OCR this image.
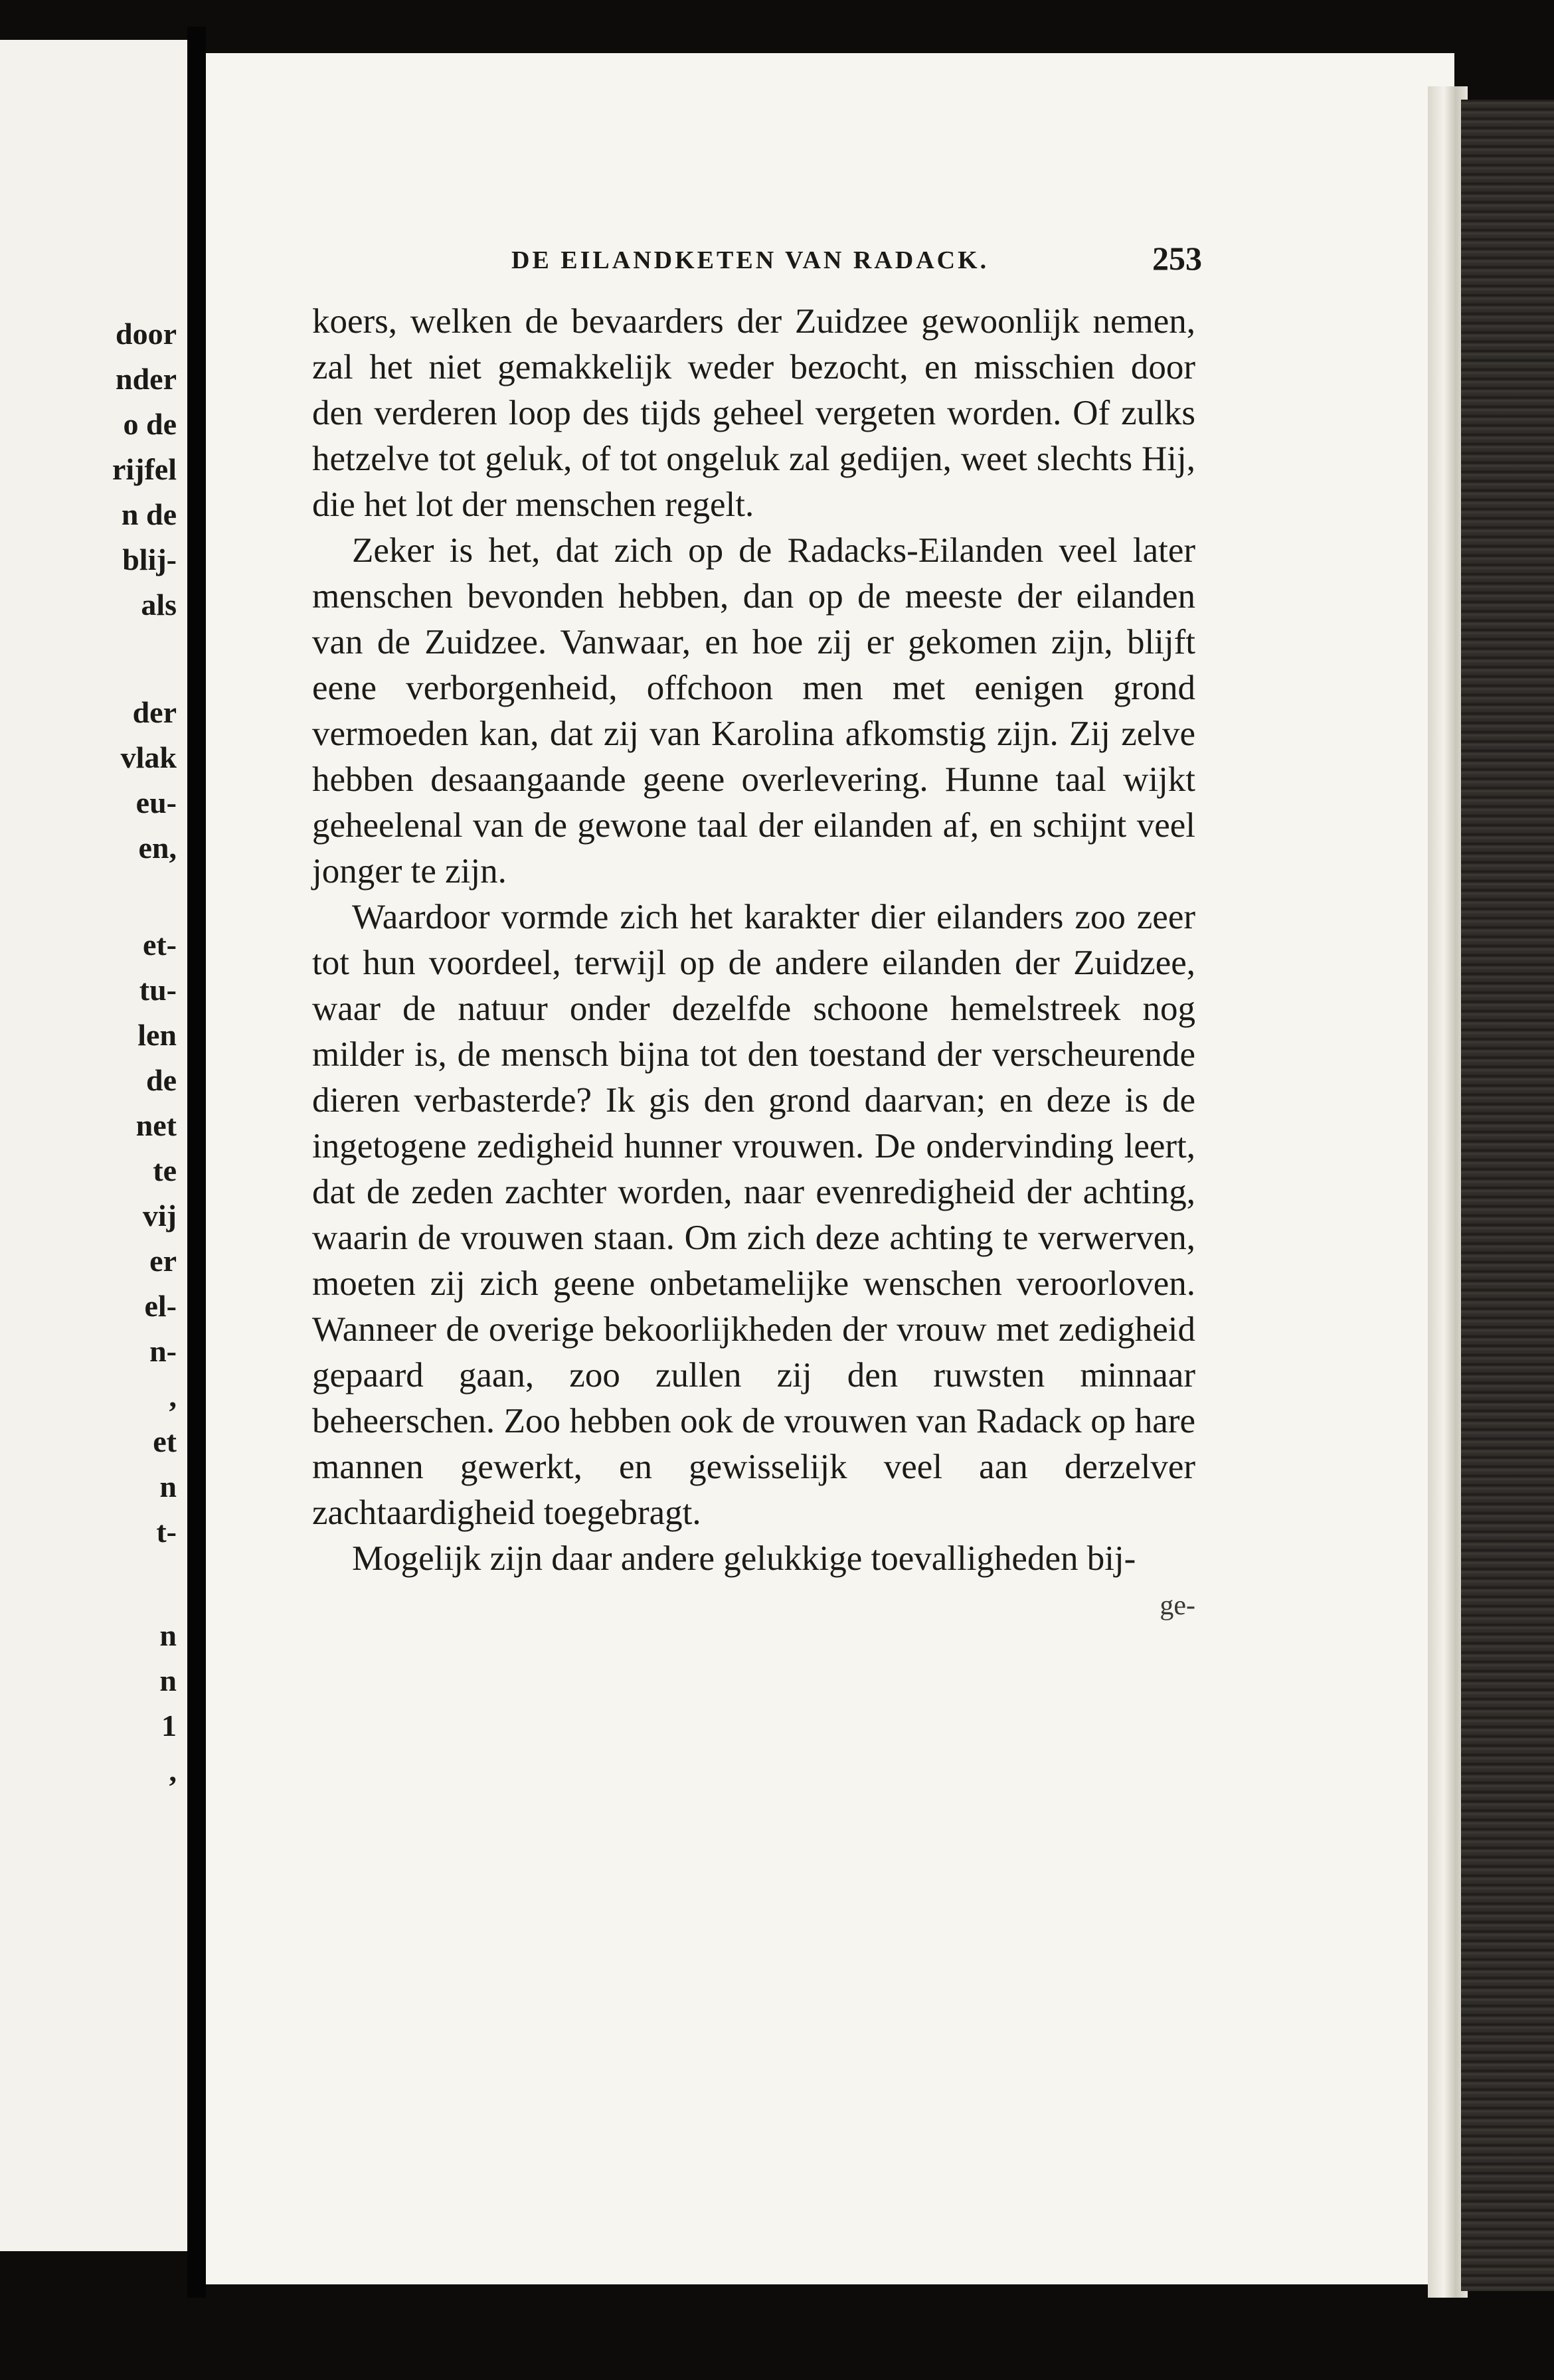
door
nder
o de
rijfel
n de
blij-
als
der
vlak
eu-
en,
et-
tu-
len
de
net
te
vij
er
el-
n-
,
et
n
t-
n
n
1
,
DE EILANDKETEN VAN RADACK.	253

koers, welken de bevaarders der Zuidzee gewoonlijk nemen, zal het niet gemakkelijk weder bezocht, en misschien door den verderen loop des tijds geheel vergeten worden. Of zulks hetzelve tot geluk, of tot ongeluk zal gedijen, weet slechts Hij, die het lot der menschen regelt.

Zeker is het, dat zich op de Radacks-Eilanden veel later menschen bevonden hebben, dan op de meeste der eilanden van de Zuidzee. Vanwaar, en hoe zij er gekomen zijn, blijft eene verborgenheid, offchoon men met eenigen grond vermoeden kan, dat zij van Karolina afkomstig zijn. Zij zelve hebben desaangaande geene overlevering. Hunne taal wijkt geheelenal van de gewone taal der eilanden af, en schijnt veel jonger te zijn.

Waardoor vormde zich het karakter dier eilanders zoo zeer tot hun voordeel, terwijl op de andere eilanden der Zuidzee, waar de natuur onder dezelfde schoone hemelstreek nog milder is, de mensch bijna tot den toestand der verscheurende dieren verbasterde? Ik gis den grond daarvan; en deze is de ingetogene zedigheid hunner vrouwen. De ondervinding leert, dat de zeden zachter worden, naar evenredigheid der achting, waarin de vrouwen staan. Om zich deze achting te verwerven, moeten zij zich geene onbetamelijke wenschen veroorloven. Wanneer de overige bekoorlijkheden der vrouw met zedigheid gepaard gaan, zoo zullen zij den ruwsten minnaar beheerschen. Zoo hebben ook de vrouwen van Radack op hare mannen gewerkt, en gewisselijk veel aan derzelver zachtaardigheid toegebragt.

Mogelijk zijn daar andere gelukkige toevalligheden bij-

ge-
